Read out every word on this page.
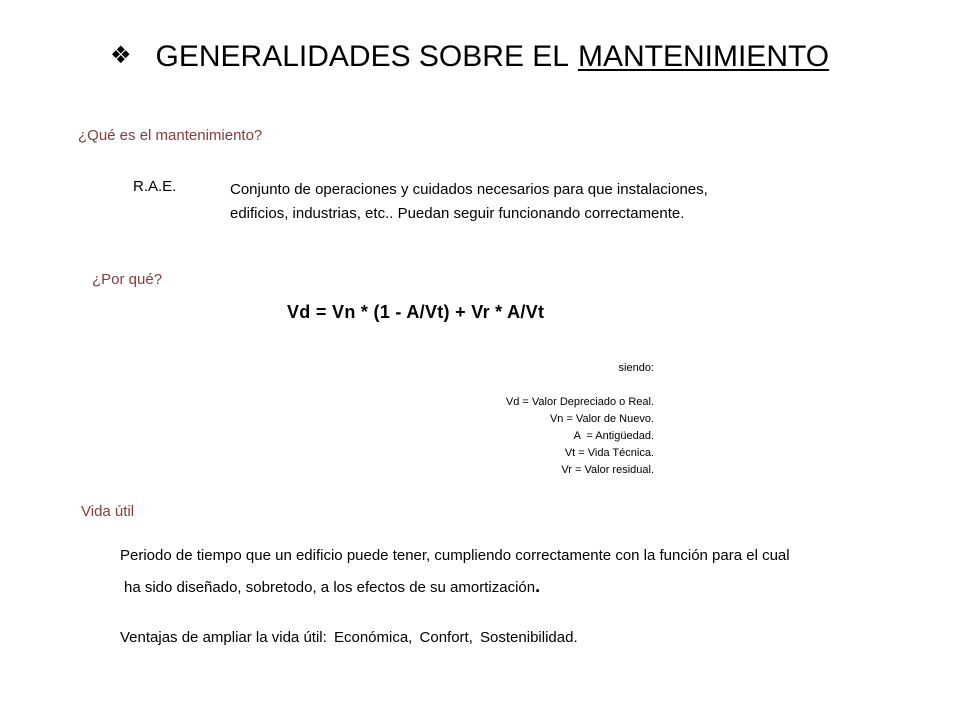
❖ GENERALIDADES SOBRE EL MANTENIMIENTO
¿Qué es el mantenimiento?
R.A.E.	Conjunto de operaciones y cuidados necesarios para que instalaciones,
edificios, industrias, etc.. Puedan seguir funcionando correctamente.
¿Por qué?
Vd = Vn * (1 - A/Vt) + Vr * A/Vt
siendo:
Vd = Valor Depreciado o Real.
Vn = Valor de Nuevo.
A  = Antigüedad.
Vt = Vida Técnica.
Vr = Valor residual.
Vida útil
Periodo de tiempo que un edificio puede tener, cumpliendo correctamente con la función para el cual
ha sido diseñado, sobretodo, a los efectos de su amortización.
Ventajas de ampliar la vida útil: Económica, Confort, Sostenibilidad.
